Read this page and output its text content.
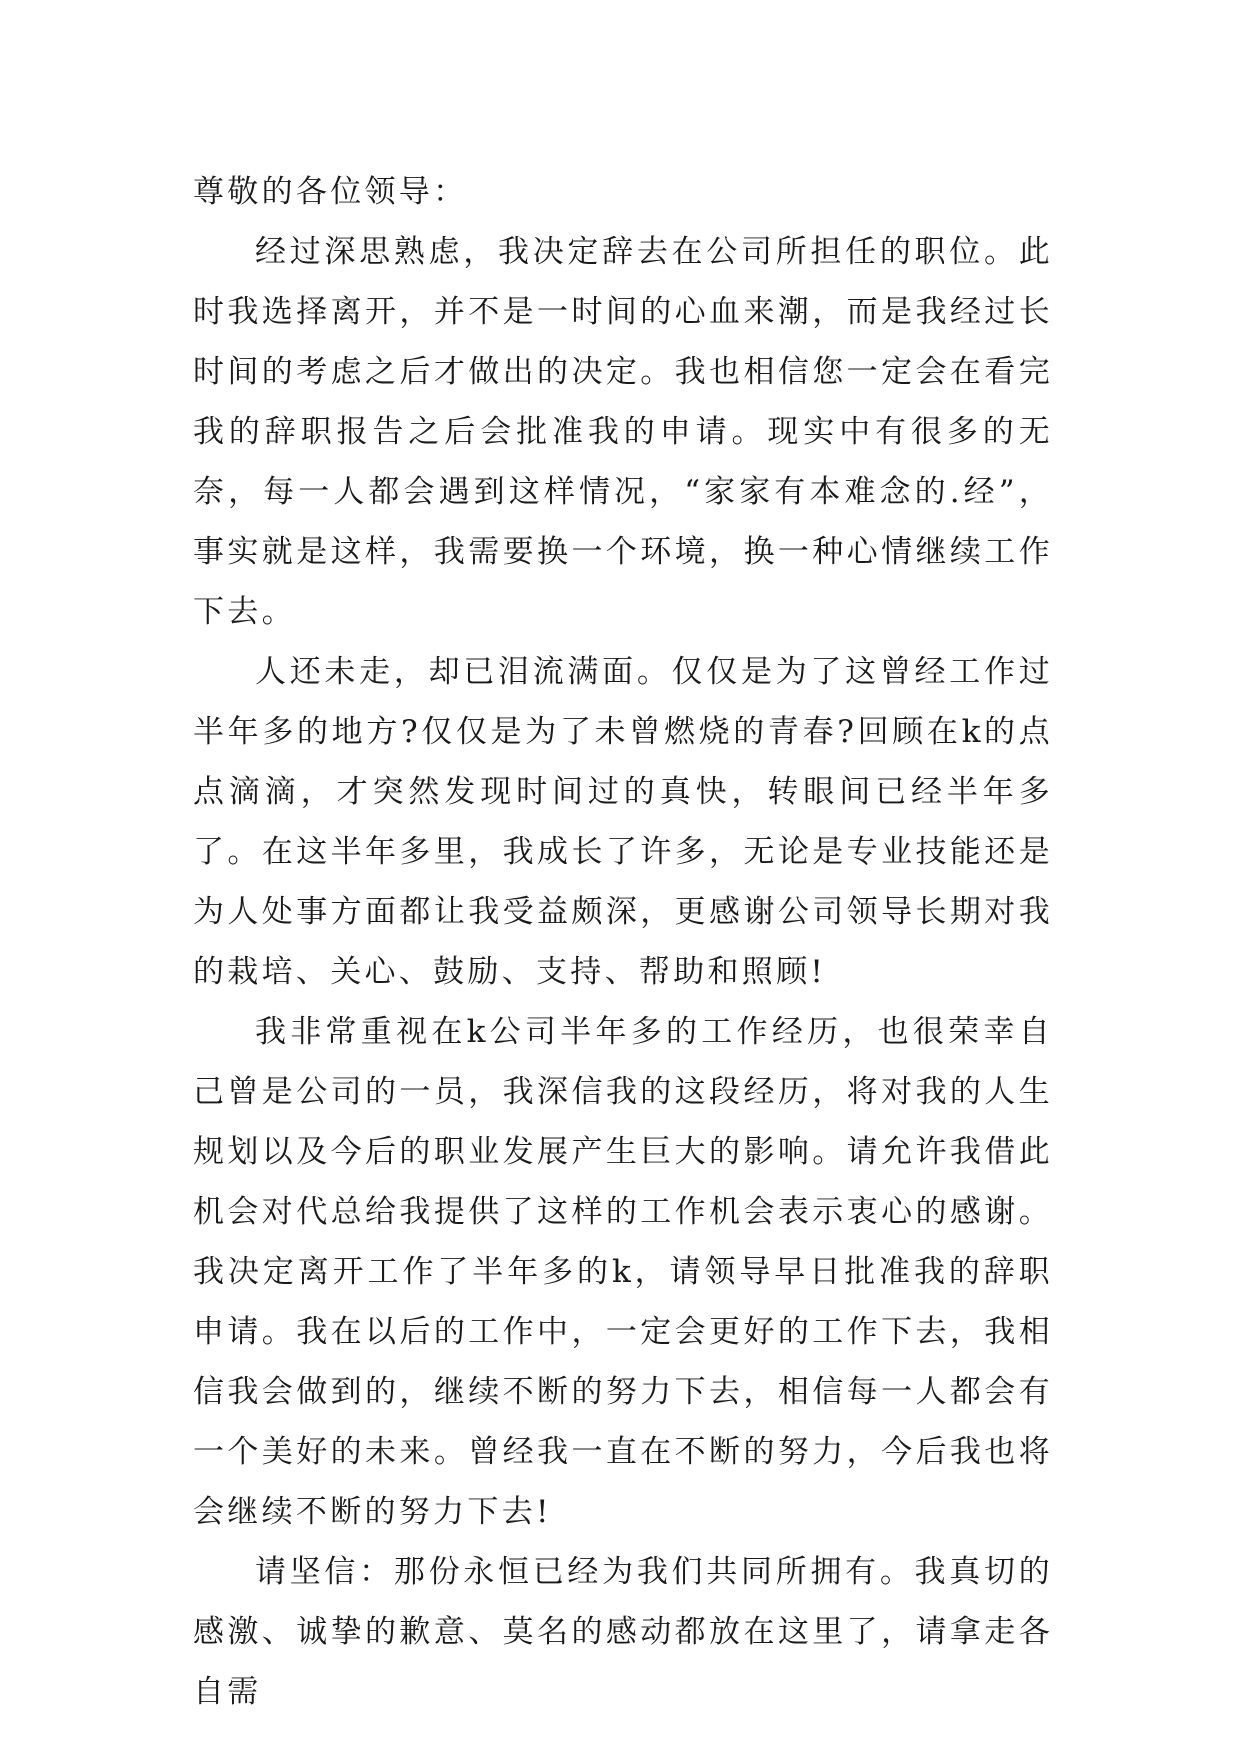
尊敬的各位领导：

经过深思熟虑，我决定辞去在公司所担任的职位。此时我选择离开，并不是一时间的心血来潮，而是我经过长时间的考虑之后才做出的决定。我也相信您一定会在看完我的辞职报告之后会批准我的申请。现实中有很多的无奈，每一人都会遇到这样情况，“家家有本难念的.经”，事实就是这样，我需要换一个环境，换一种心情继续工作下去。

人还未走，却已泪流满面。仅仅是为了这曾经工作过半年多的地方?仅仅是为了未曾燃烧的青春?回顾在k的点点滴滴，才突然发现时间过的真快，转眼间已经半年多了。在这半年多里，我成长了许多，无论是专业技能还是为人处事方面都让我受益颇深，更感谢公司领导长期对我的栽培、关心、鼓励、支持、帮助和照顾!

我非常重视在k公司半年多的工作经历，也很荣幸自己曾是公司的一员，我深信我的这段经历，将对我的人生规划以及今后的职业发展产生巨大的影响。请允许我借此机会对代总给我提供了这样的工作机会表示衷心的感谢。 我决定离开工作了半年多的k，请领导早日批准我的辞职申请。我在以后的工作中，一定会更好的工作下去，我相信我会做到的，继续不断的努力下去，相信每一人都会有一个美好的未来。曾经我一直在不断的努力，今后我也将会继续不断的努力下去!

请坚信：那份永恒已经为我们共同所拥有。我真切的感激、诚挚的歉意、莫名的感动都放在这里了，请拿走各自需
